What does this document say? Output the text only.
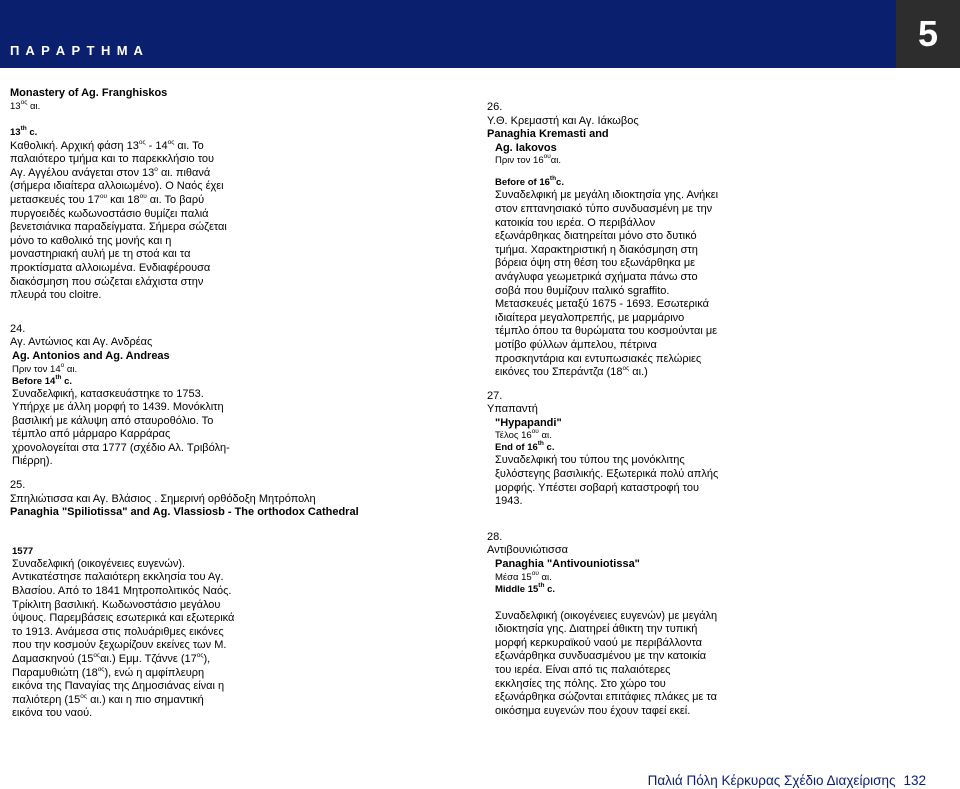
Π Α Ρ Α Ρ Τ Η Μ Α	5

Monastery of Ag. Franghiskos

$13^{o\varsigma}$ αι.

13th c.

Καθολική. Αρχική φάση $13^{o\varsigma} - 14^{o\varsigma}$ αι. Το

παλαιότερο τμήμα και το παρεκκλήσιο του

Αγ. Αγγέλου ανάγεται στον $13^o$ αι. πιθανά

(σήμερα ιδιαίτερα αλλοιωμένο). Ο Ναός έχει

μετασκευές του $17^{o\upsilon}$ και $18^{o\upsilon}$ αι. Το βαρύ

πυργοειδές κωδωνοστάσιο θυμίζει παλιά

βενετσιάνικα παραδείγματα. Σήμερα σώζεται

μόνο το καθολικό της μονής και η

μοναστηριακή αυλή με τη στοά και τα

προκτίσματα αλλοιωμένα. Ενδιαφέρουσα

διακόσμηση που σώζεται ελάχιστα στην

πλευρά του cloitre.

24.

Αγ. Αντώνιος και Αγ. Ανδρέας

Ag. Antonios and Ag. Andreas

Πριν τον $14^o$ αι.

Before 14th c.

Συναδελφική, κατασκευάστηκε το 1753.

Υπήρχε με άλλη μορφή το 1439. Μονόκλιτη

βασιλική με κάλυψη από σταυροθόλιο. Το

τέμπλο από μάρμαρο Καρράρας

χρονολογείται στα 1777 (σχέδιο Αλ. Τριβόλη-

Πιέρρη).

25.

Σπηλιώτισσα και Αγ. Βλάσιος . Σημερινή ορθόδοξη Μητρόπολη

Panaghia "Spiliotissa" and Ag. Vlassiosb - The orthodox Cathedral

1577

Συναδελφική (οικογένειες ευγενών).

Αντικατέστησε παλαιότερη εκκλησία του Αγ.

Βλασίου. Από το 1841 Μητροπολιτικός Ναός.

Τρίκλιτη βασιλική. Κωδωνοστάσιο μεγάλου

ύψους. Παρεμβάσεις εσωτερικά και εξωτερικά

το 1913. Ανάμεσα στις πολυάριθμες εικόνες

που την κοσμούν ξεχωρίζουν εκείνες των Μ.

Δαμασκηνού $(15^{o\varsigma}\alpha\iota.)$ Εμμ. Τζάννε $(17^{o\varsigma})$,

Παραμυθιώτη $(18^{o\varsigma})$, ενώ η αμφίπλευρη

εικόνα της Παναγίας της Δημοσιάνας είναι η

παλιότερη ($15^{o\varsigma}$ αι.) και η πιο σημαντική

εικόνα του ναού.

26.

Υ.Θ. Κρεμαστή και Αγ. Ιάκωβος

Panaghia Kremasti and

Ag. Iakovos

Πριν τον $16^{o\upsilon}\alpha\iota$.

Before of 16thc.

Συναδελφική με μεγάλη ιδιοκτησία γης. Ανήκει

στον επτανησιακό τύπο συνδυασμένη με την

κατοικία του ιερέα. Ο περιβάλλον

εξωνάρθηκας διατηρείται μόνο στο δυτικό

τμήμα. Χαρακτηριστική η διακόσμηση στη

βόρεια όψη στη θέση του εξωνάρθηκα με

ανάγλυφα γεωμετρικά σχήματα πάνω στο

σοβά που θυμίζουν ιταλικό sgraffito.

Μετασκευές μεταξύ 1675 - 1693. Εσωτερικά

ιδιαίτερα μεγαλοπρεπής, με μαρμάρινο

τέμπλο όπου τα θυρώματα του κοσμούνται με

μοτίβο φύλλων άμπελου, πέτρινα

προσκηντάρια και εντυπωσιακές πελώριες

εικόνες του Σπεράντζα ($18^{o\varsigma}$ αι.)

27.

Υπαπαντή

"Hypapandi"

Τέλος $16^{o\upsilon}$ αι.

End of 16th c.

Συναδελφική του τύπου της μονόκλιτης

ξυλόστεγης βασιλικής. Εξωτερικά πολύ απλής

μορφής. Υπέστει σοβαρή καταστροφή του

1943.

28.

Αντιβουνιώτισσα

Panaghia "Antivouniotissa"

Μέσα $15^{o\upsilon}$ αι.

Middle 15th c.

Συναδελφική (οικογένειες ευγενών) με μεγάλη

ιδιοκτησία γης. Διατηρεί άθικτη την τυπική

μορφή κερκυραϊκού ναού με περιβάλλοντα

εξωνάρθηκα συνδυασμένου με την κατοικία

του ιερέα. Είναι από τις παλαιότερες

εκκλησίες της πόλης. Στο χώρο του

εξωνάρθηκα σώζονται επιτάφιες πλάκες με τα

οικόσημα ευγενών που έχουν ταφεί εκεί.

Παλιά Πόλη Κέρκυρας Σχέδιο Διαχείρισης 132
